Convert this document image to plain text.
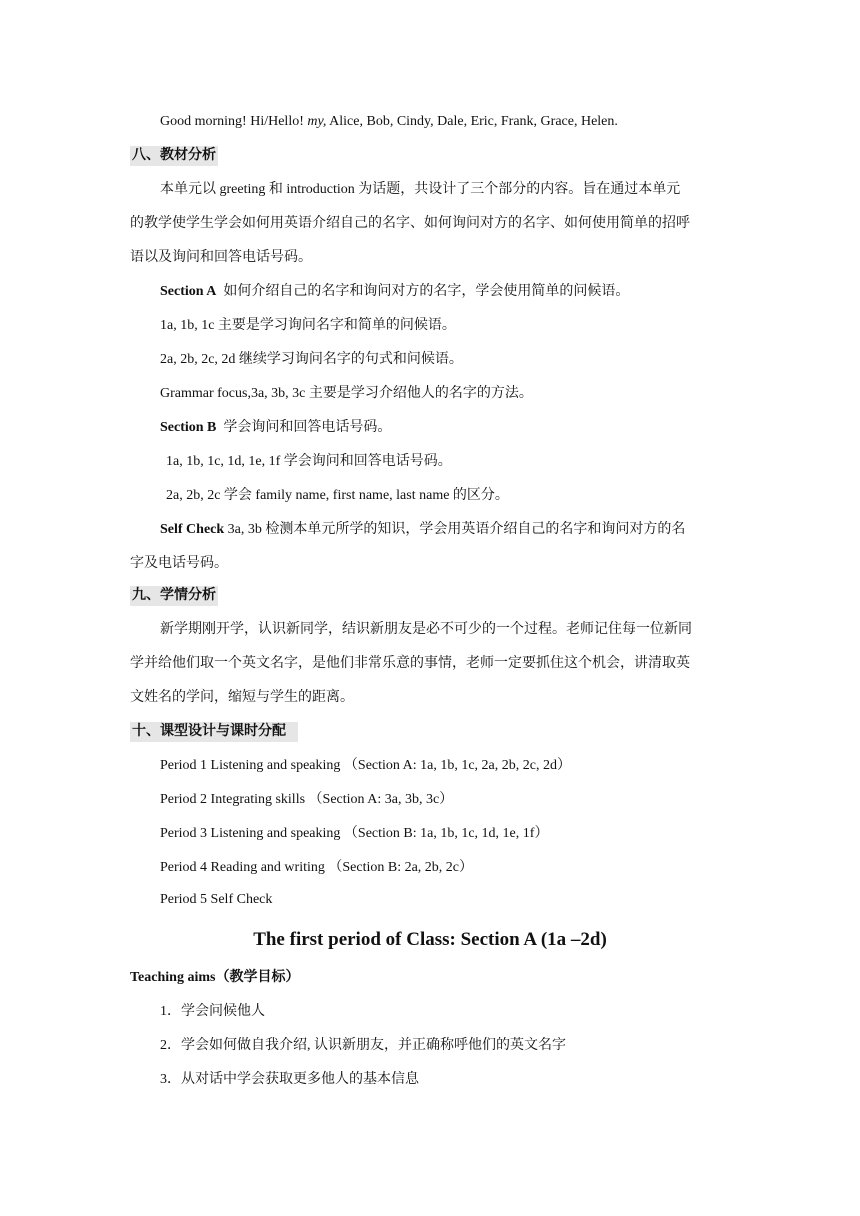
Good morning! Hi/Hello! my, Alice, Bob, Cindy, Dale, Eric, Frank, Grace, Helen.
八、教材分析
本单元以 greeting 和 introduction 为话题，共设计了三个部分的内容。旨在通过本单元
的教学使学生学会如何用英语介绍自己的名字、如何询问对方的名字、如何使用简单的招呼
语以及询问和回答电话号码。
Section A 如何介绍自己的名字和询问对方的名字，学会使用简单的问候语。
1a, 1b, 1c 主要是学习询问名字和简单的问候语。
2a, 2b, 2c, 2d 继续学习询问名字的句式和问候语。
Grammar focus,3a, 3b, 3c 主要是学习介绍他人的名字的方法。
Section B 学会询问和回答电话号码。
1a, 1b, 1c, 1d, 1e, 1f 学会询问和回答电话号码。
2a, 2b, 2c 学会 family name, first name, last name 的区分。
Self Check 3a, 3b 检测本单元所学的知识，学会用英语介绍自己的名字和询问对方的名
字及电话号码。
九、学情分析
新学期刚开学，认识新同学，结识新朋友是必不可少的一个过程。老师记住每一位新同
学并给他们取一个英文名字，是他们非常乐意的事情，老师一定要抓住这个机会，讲清取英
文姓名的学问，缩短与学生的距离。
十、课型设计与课时分配
Period 1 Listening and speaking （Section A: 1a, 1b, 1c, 2a, 2b, 2c, 2d）
Period 2 Integrating skills （Section A: 3a, 3b, 3c）
Period 3 Listening and speaking （Section B: 1a, 1b, 1c, 1d, 1e, 1f）
Period 4 Reading and writing （Section B: 2a, 2b, 2c）
Period 5 Self Check
The first period of Class: Section A (1a –2d)
Teaching aims（教学目标）
1．学会问候他人
2．学会如何做自我介绍, 认识新朋友，并正确称呼他们的英文名字
3．从对话中学会获取更多他人的基本信息
